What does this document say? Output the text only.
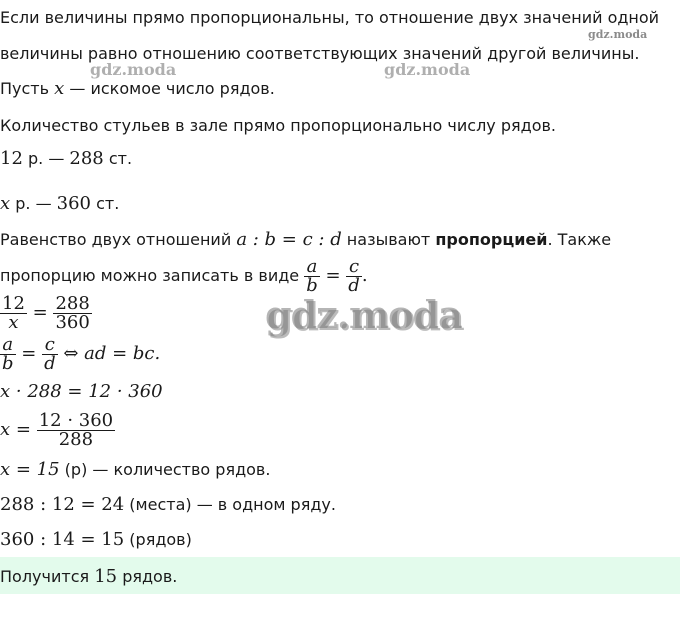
Если величины прямо пропорциональны, то отношение двух значений одной
величины равно отношению соответствующих значений другой величины.
Пусть x — искомое число рядов.
Количество стульев в зале прямо пропорционально числу рядов.
12 р. — 288 ст.
x р. — 360 ст.
Равенство двух отношений a : b = c : d называют пропорцией. Также
пропорцию можно записать в виде $\frac{a}{b} = \frac{c}{d}$ .
$\frac{12}{x} = \frac{288}{360}$
$\frac{a}{b} = \frac{c}{d}$ ⇔ ad = bc.
x · 288 = 12 · 360
$x = \frac{12 \cdot 360}{288}$
x = 15 (р) — количество рядов.
288 : 12 = 24 (места) — в одном ряду.
360 : 14 = 15 (рядов)
Получится 15 рядов.
gdz.moda
gdz.moda	gdz.moda
gdz.moda
